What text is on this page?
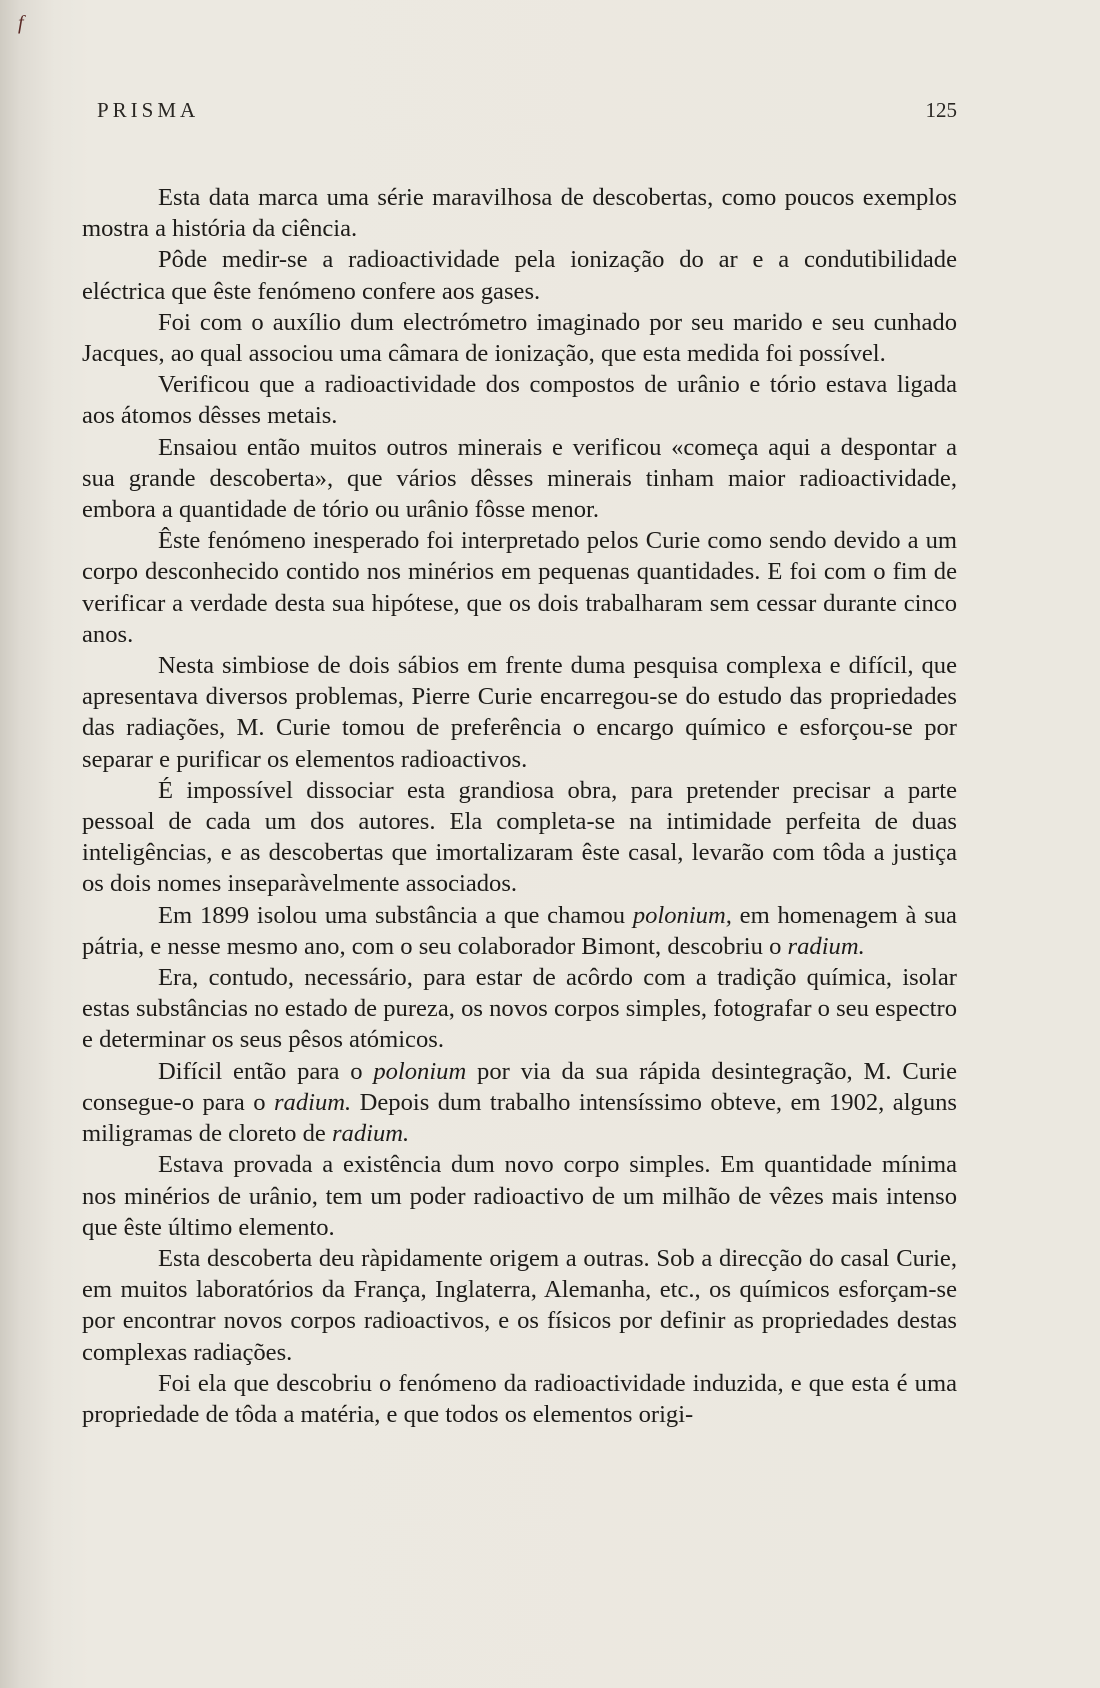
f
PRISMA	125

Esta data marca uma série maravilhosa de descobertas, como poucos exemplos mostra a história da ciência.

Pôde medir-se a radioactividade pela ionização do ar e a condutibilidade eléctrica que êste fenómeno confere aos gases.

Foi com o auxílio dum electrómetro imaginado por seu marido e seu cunhado Jacques, ao qual associou uma câmara de ionização, que esta medida foi possível.

Verificou que a radioactividade dos compostos de urânio e tório estava ligada aos átomos dêsses metais.

Ensaiou então muitos outros minerais e verificou «começa aqui a despontar a sua grande descoberta», que vários dêsses minerais tinham maior radioactividade, embora a quantidade de tório ou urânio fôsse menor.

Êste fenómeno inesperado foi interpretado pelos Curie como sendo devido a um corpo desconhecido contido nos minérios em pequenas quantidades. E foi com o fim de verificar a verdade desta sua hipótese, que os dois trabalharam sem cessar durante cinco anos.

Nesta simbiose de dois sábios em frente duma pesquisa complexa e difícil, que apresentava diversos problemas, Pierre Curie encarregou-se do estudo das propriedades das radiações, M. Curie tomou de preferência o encargo químico e esforçou-se por separar e purificar os elementos radioactivos.

É impossível dissociar esta grandiosa obra, para pretender precisar a parte pessoal de cada um dos autores. Ela completa-se na intimidade perfeita de duas inteligências, e as descobertas que imortalizaram êste casal, levarão com tôda a justiça os dois nomes inseparàvelmente associados.

Em 1899 isolou uma substância a que chamou polonium, em homenagem à sua pátria, e nesse mesmo ano, com o seu colaborador Bimont, descobriu o radium.

Era, contudo, necessário, para estar de acôrdo com a tradição química, isolar estas substâncias no estado de pureza, os novos corpos simples, fotografar o seu espectro e determinar os seus pêsos atómicos.

Difícil então para o polonium por via da sua rápida desintegração, M. Curie consegue-o para o radium. Depois dum trabalho intensíssimo obteve, em 1902, alguns miligramas de cloreto de radium.

Estava provada a existência dum novo corpo simples. Em quantidade mínima nos minérios de urânio, tem um poder radioactivo de um milhão de vêzes mais intenso que êste último elemento.

Esta descoberta deu ràpidamente origem a outras. Sob a direcção do casal Curie, em muitos laboratórios da França, Inglaterra, Alemanha, etc., os químicos esforçam-se por encontrar novos corpos radioactivos, e os físicos por definir as propriedades destas complexas radiações.

Foi ela que descobriu o fenómeno da radioactividade induzida, e que esta é uma propriedade de tôda a matéria, e que todos os elementos origi-
